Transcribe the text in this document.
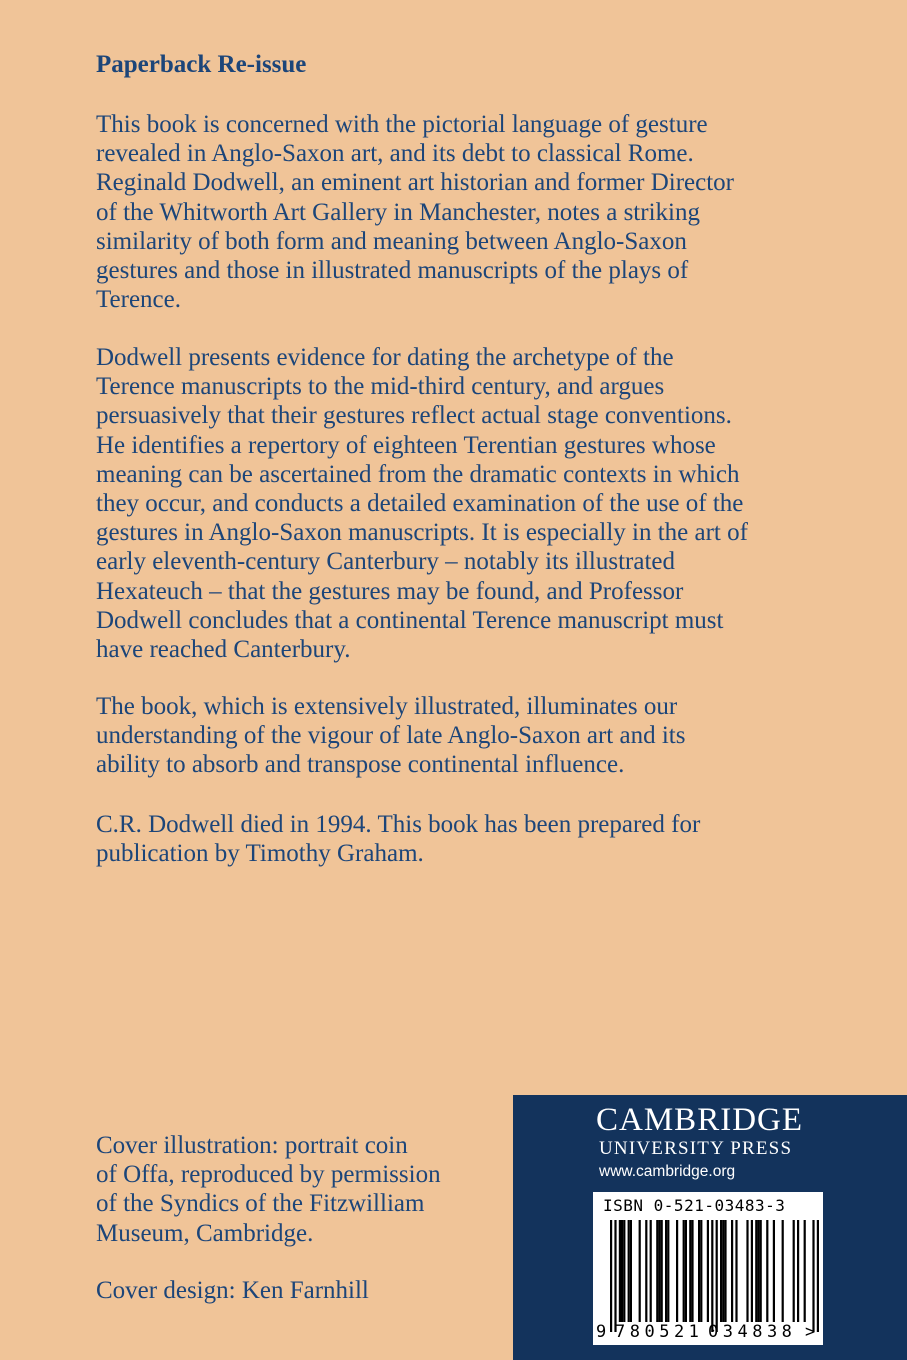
Paperback Re-issue

This book is concerned with the pictorial language of gesture
revealed in Anglo-Saxon art, and its debt to classical Rome.
Reginald Dodwell, an eminent art historian and former Director
of the Whitworth Art Gallery in Manchester, notes a striking
similarity of both form and meaning between Anglo-Saxon
gestures and those in illustrated manuscripts of the plays of
Terence.
Dodwell presents evidence for dating the archetype of the
Terence manuscripts to the mid-third century, and argues
persuasively that their gestures reflect actual stage conventions.
He identifies a repertory of eighteen Terentian gestures whose
meaning can be ascertained from the dramatic contexts in which
they occur, and conducts a detailed examination of the use of the
gestures in Anglo-Saxon manuscripts. It is especially in the art of
early eleventh-century Canterbury – notably its illustrated
Hexateuch – that the gestures may be found, and Professor
Dodwell concludes that a continental Terence manuscript must
have reached Canterbury.
The book, which is extensively illustrated, illuminates our
understanding of the vigour of late Anglo-Saxon art and its
ability to absorb and transpose continental influence.
C.R. Dodwell died in 1994. This book has been prepared for
publication by Timothy Graham.
Cover illustration: portrait coin
of Offa, reproduced by permission
of the Syndics of the Fitzwilliam
Museum, Cambridge.
Cover design: Ken Farnhill

CAMBRIDGE

UNIVERSITY PRESS

www.cambridge.org

ISBN 0-521-03483-3

9 780521 034838 >
